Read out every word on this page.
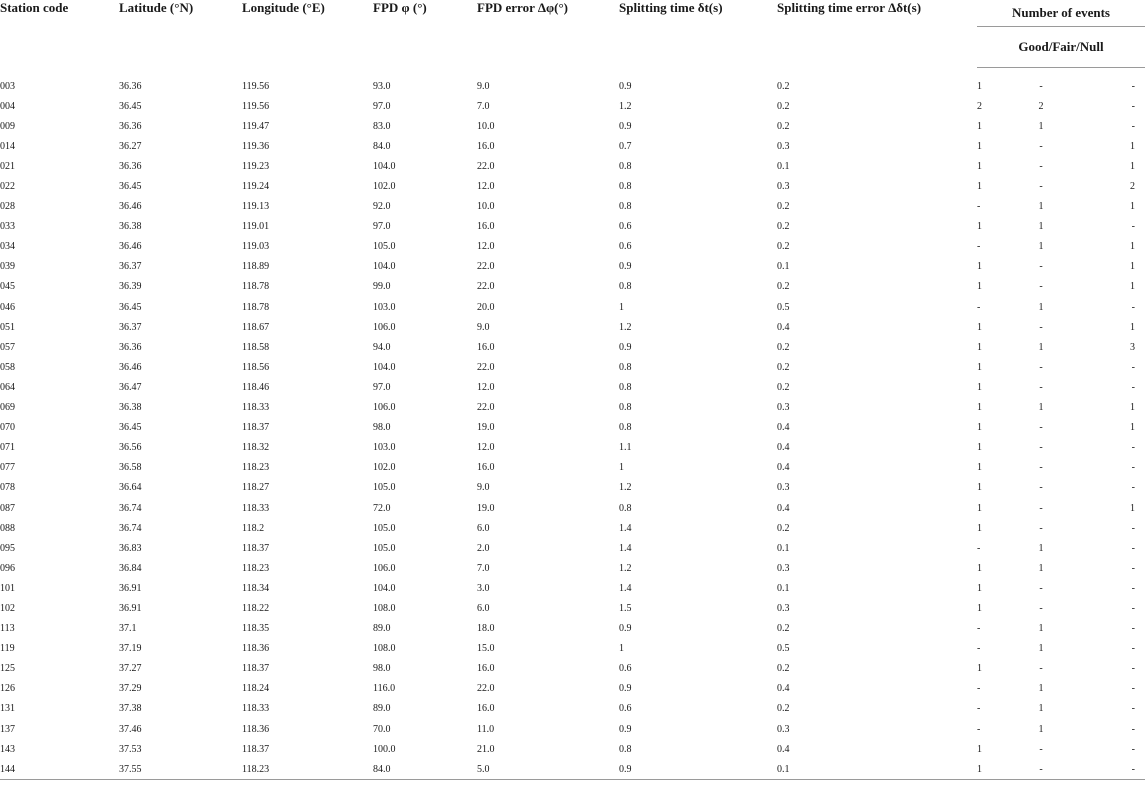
Station code	Latitude (°N)	Longitude (°E)	FPD φ (°)	FPD error Δφ(°)	Splitting time δt(s)	Splitting time error Δδt(s)	Number of events		
							Good/Fair/Null		

003	36.36	119.56	93.0	9.0	0.9	0.2	1	-	-
004	36.45	119.56	97.0	7.0	1.2	0.2	2	2	-
009	36.36	119.47	83.0	10.0	0.9	0.2	1	1	-
014	36.27	119.36	84.0	16.0	0.7	0.3	1	-	1
021	36.36	119.23	104.0	22.0	0.8	0.1	1	-	1
022	36.45	119.24	102.0	12.0	0.8	0.3	1	-	2
028	36.46	119.13	92.0	10.0	0.8	0.2	-	1	1
033	36.38	119.01	97.0	16.0	0.6	0.2	1	1	-
034	36.46	119.03	105.0	12.0	0.6	0.2	-	1	1
039	36.37	118.89	104.0	22.0	0.9	0.1	1	-	1
045	36.39	118.78	99.0	22.0	0.8	0.2	1	-	1
046	36.45	118.78	103.0	20.0	1	0.5	-	1	-
051	36.37	118.67	106.0	9.0	1.2	0.4	1	-	1
057	36.36	118.58	94.0	16.0	0.9	0.2	1	1	3
058	36.46	118.56	104.0	22.0	0.8	0.2	1	-	-
064	36.47	118.46	97.0	12.0	0.8	0.2	1	-	-
069	36.38	118.33	106.0	22.0	0.8	0.3	1	1	1
070	36.45	118.37	98.0	19.0	0.8	0.4	1	-	1
071	36.56	118.32	103.0	12.0	1.1	0.4	1	-	-
077	36.58	118.23	102.0	16.0	1	0.4	1	-	-
078	36.64	118.27	105.0	9.0	1.2	0.3	1	-	-
087	36.74	118.33	72.0	19.0	0.8	0.4	1	-	1
088	36.74	118.2	105.0	6.0	1.4	0.2	1	-	-
095	36.83	118.37	105.0	2.0	1.4	0.1	-	1	-
096	36.84	118.23	106.0	7.0	1.2	0.3	1	1	-
101	36.91	118.34	104.0	3.0	1.4	0.1	1	-	-
102	36.91	118.22	108.0	6.0	1.5	0.3	1	-	-
113	37.1	118.35	89.0	18.0	0.9	0.2	-	1	-
119	37.19	118.36	108.0	15.0	1	0.5	-	1	-
125	37.27	118.37	98.0	16.0	0.6	0.2	1	-	-
126	37.29	118.24	116.0	22.0	0.9	0.4	-	1	-
131	37.38	118.33	89.0	16.0	0.6	0.2	-	1	-
137	37.46	118.36	70.0	11.0	0.9	0.3	-	1	-
143	37.53	118.37	100.0	21.0	0.8	0.4	1	-	-
144	37.55	118.23	84.0	5.0	0.9	0.1	1	-	-
